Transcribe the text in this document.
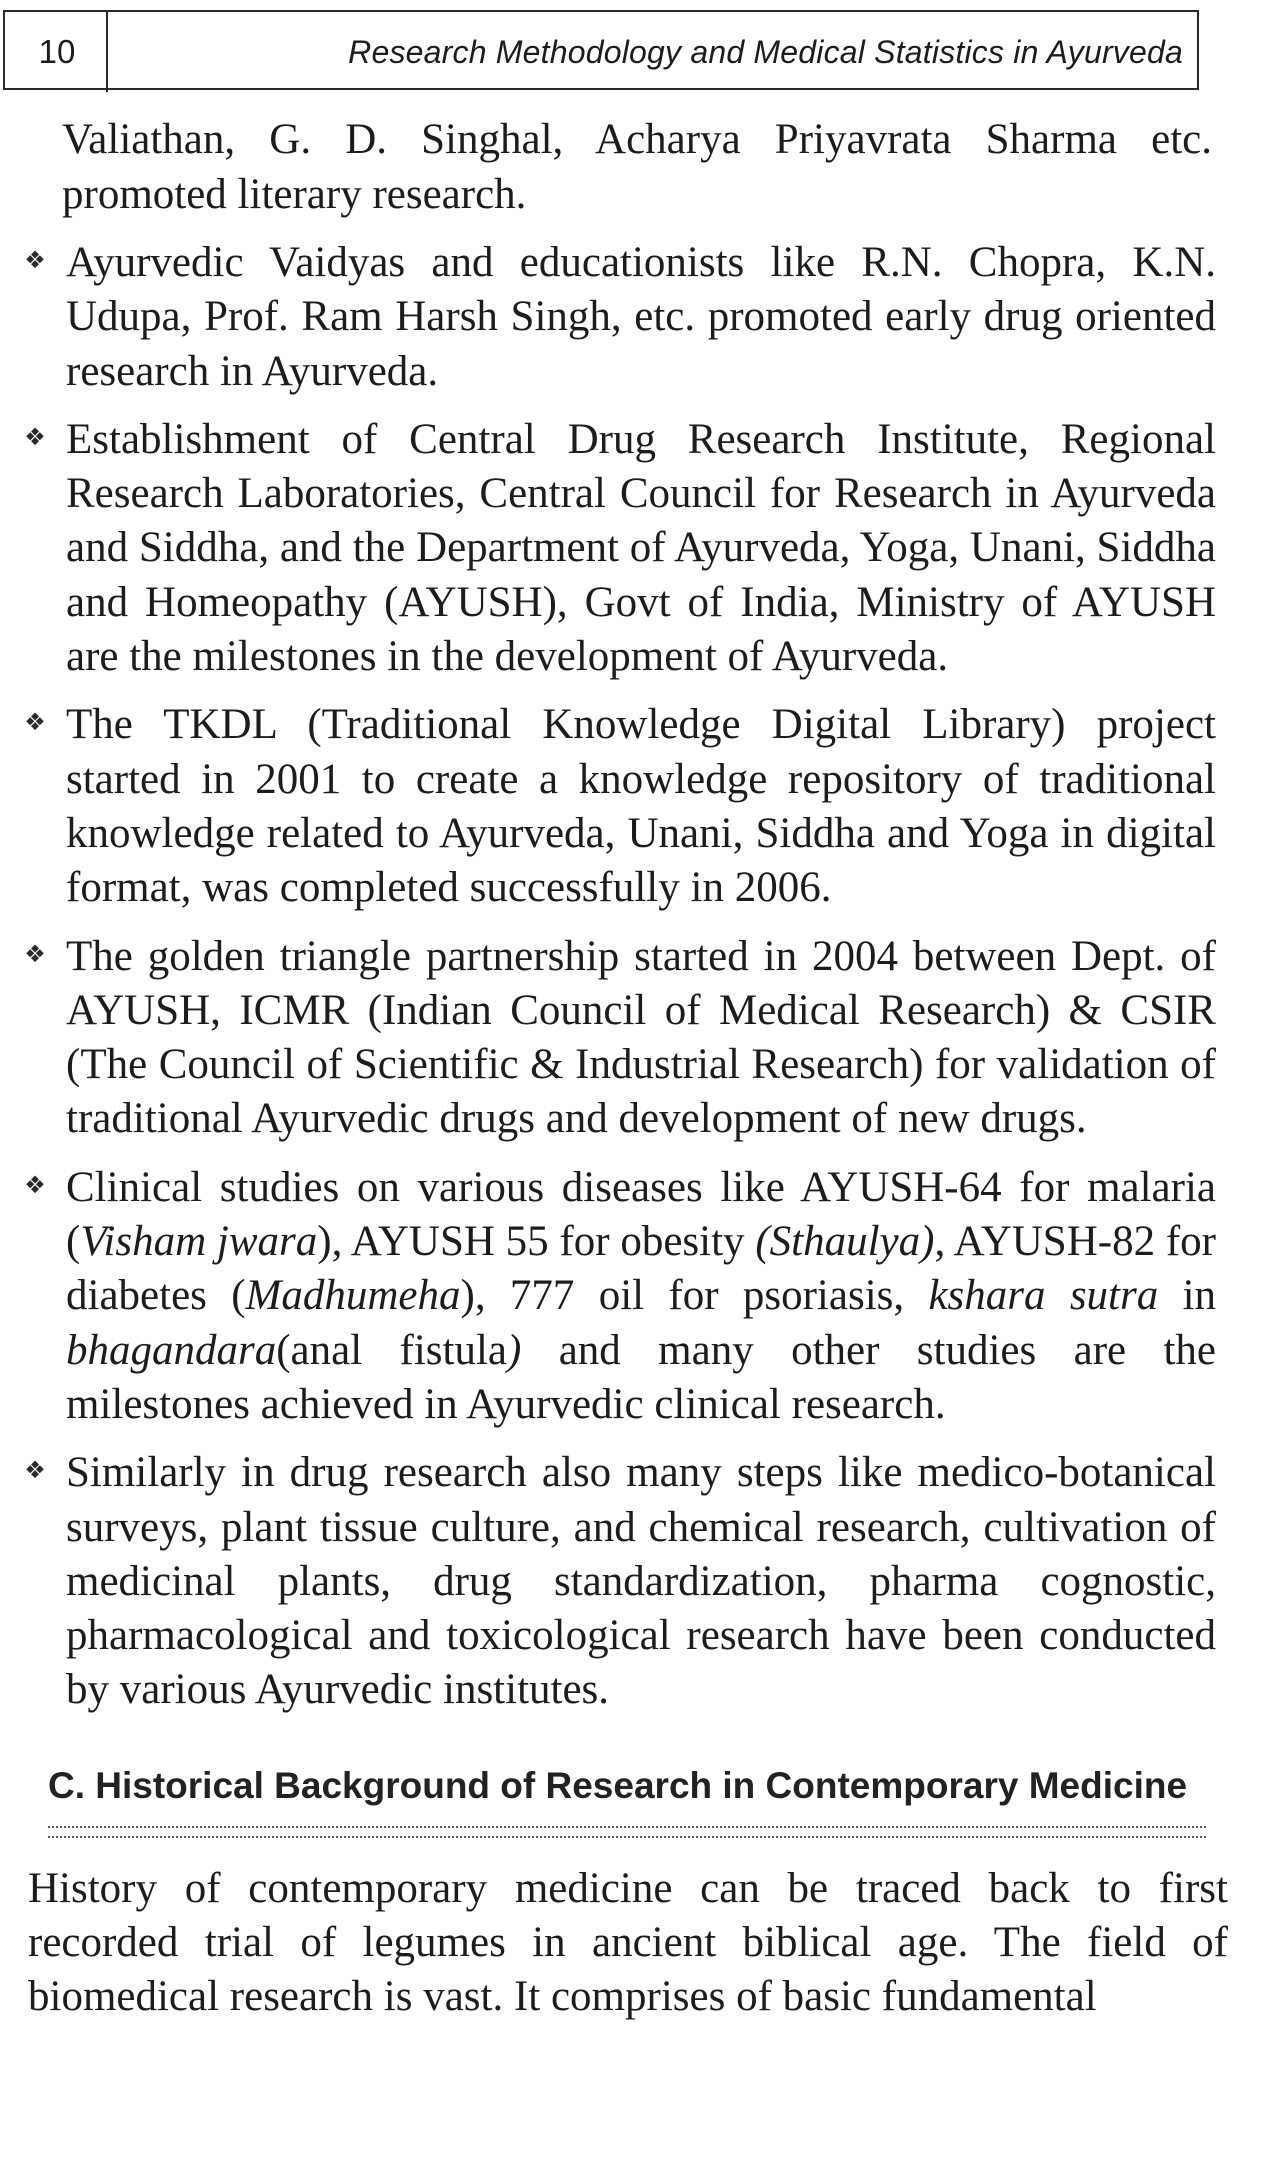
10	Research Methodology and Medical Statistics in Ayurveda

Valiathan, G. D. Singhal, Acharya Priyavrata Sharma etc. promoted literary research.

❖ Ayurvedic Vaidyas and educationists like R.N. Chopra, K.N. Udupa, Prof. Ram Harsh Singh, etc. promoted early drug oriented research in Ayurveda.
❖ Establishment of Central Drug Research Institute, Regional Research Laboratories, Central Council for Research in Ayurveda and Siddha, and the Department of Ayurveda, Yoga, Unani, Siddha and Homeopathy (AYUSH), Govt of India, Ministry of AYUSH are the milestones in the development of Ayurveda.
❖ The TKDL (Traditional Knowledge Digital Library) project started in 2001 to create a knowledge repository of traditional knowledge related to Ayurveda, Unani, Siddha and Yoga in digital format, was completed successfully in 2006.
❖ The golden triangle partnership started in 2004 between Dept. of AYUSH, ICMR (Indian Council of Medical Research) & CSIR (The Council of Scientific & Industrial Research) for validation of traditional Ayurvedic drugs and development of new drugs.
❖ Clinical studies on various diseases like AYUSH-64 for malaria (Visham jwara), AYUSH 55 for obesity (Sthaulya), AYUSH-82 for diabetes (Madhumeha), 777 oil for psoriasis, kshara sutra in bhagandara(anal fistula) and many other studies are the milestones achieved in Ayurvedic clinical research.
❖ Similarly in drug research also many steps like medico-botanical surveys, plant tissue culture, and chemical research, cultivation of medicinal plants, drug standardization, pharma cognostic, pharmacological and toxicological research have been conducted by various Ayurvedic institutes.
C. Historical Background of Research in Contemporary Medicine

History of contemporary medicine can be traced back to first recorded trial of legumes in ancient biblical age. The field of biomedical research is vast. It comprises of basic fundamental
